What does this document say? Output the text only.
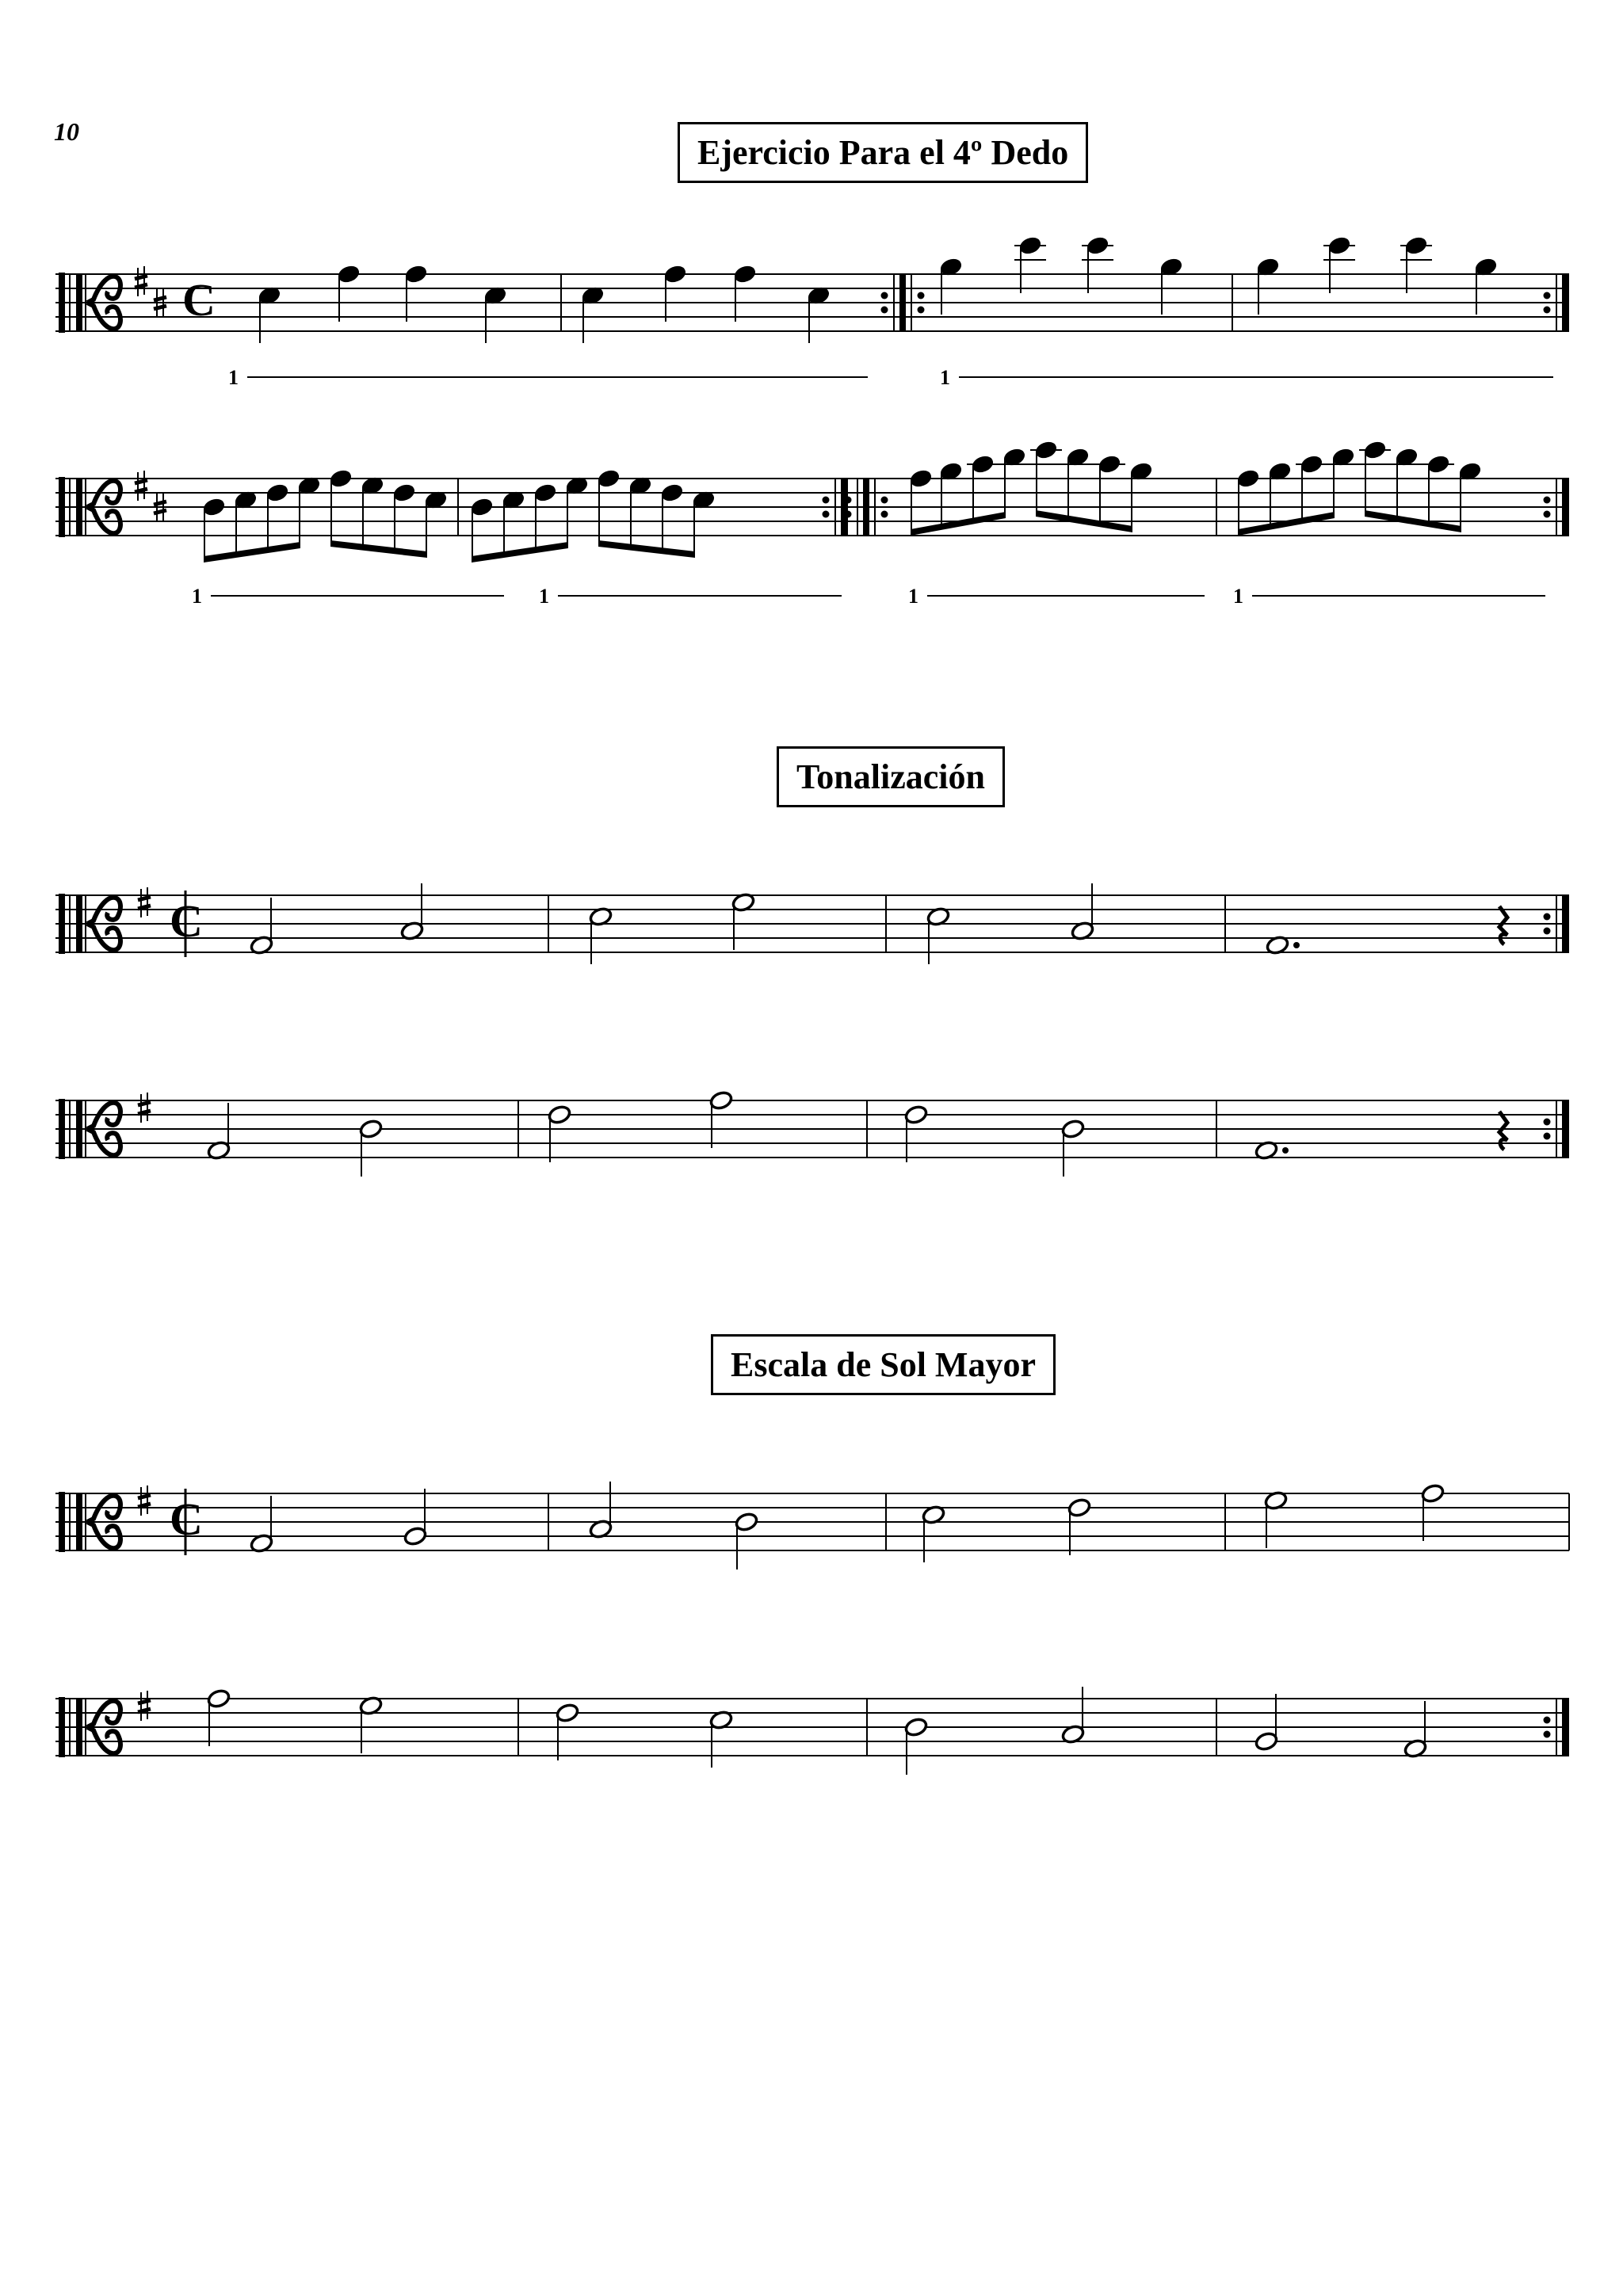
10
Ejercicio Para el 4º Dedo
Tonalización
Escala de Sol Mayor
C
1	1
1	1	1	1
C
C
